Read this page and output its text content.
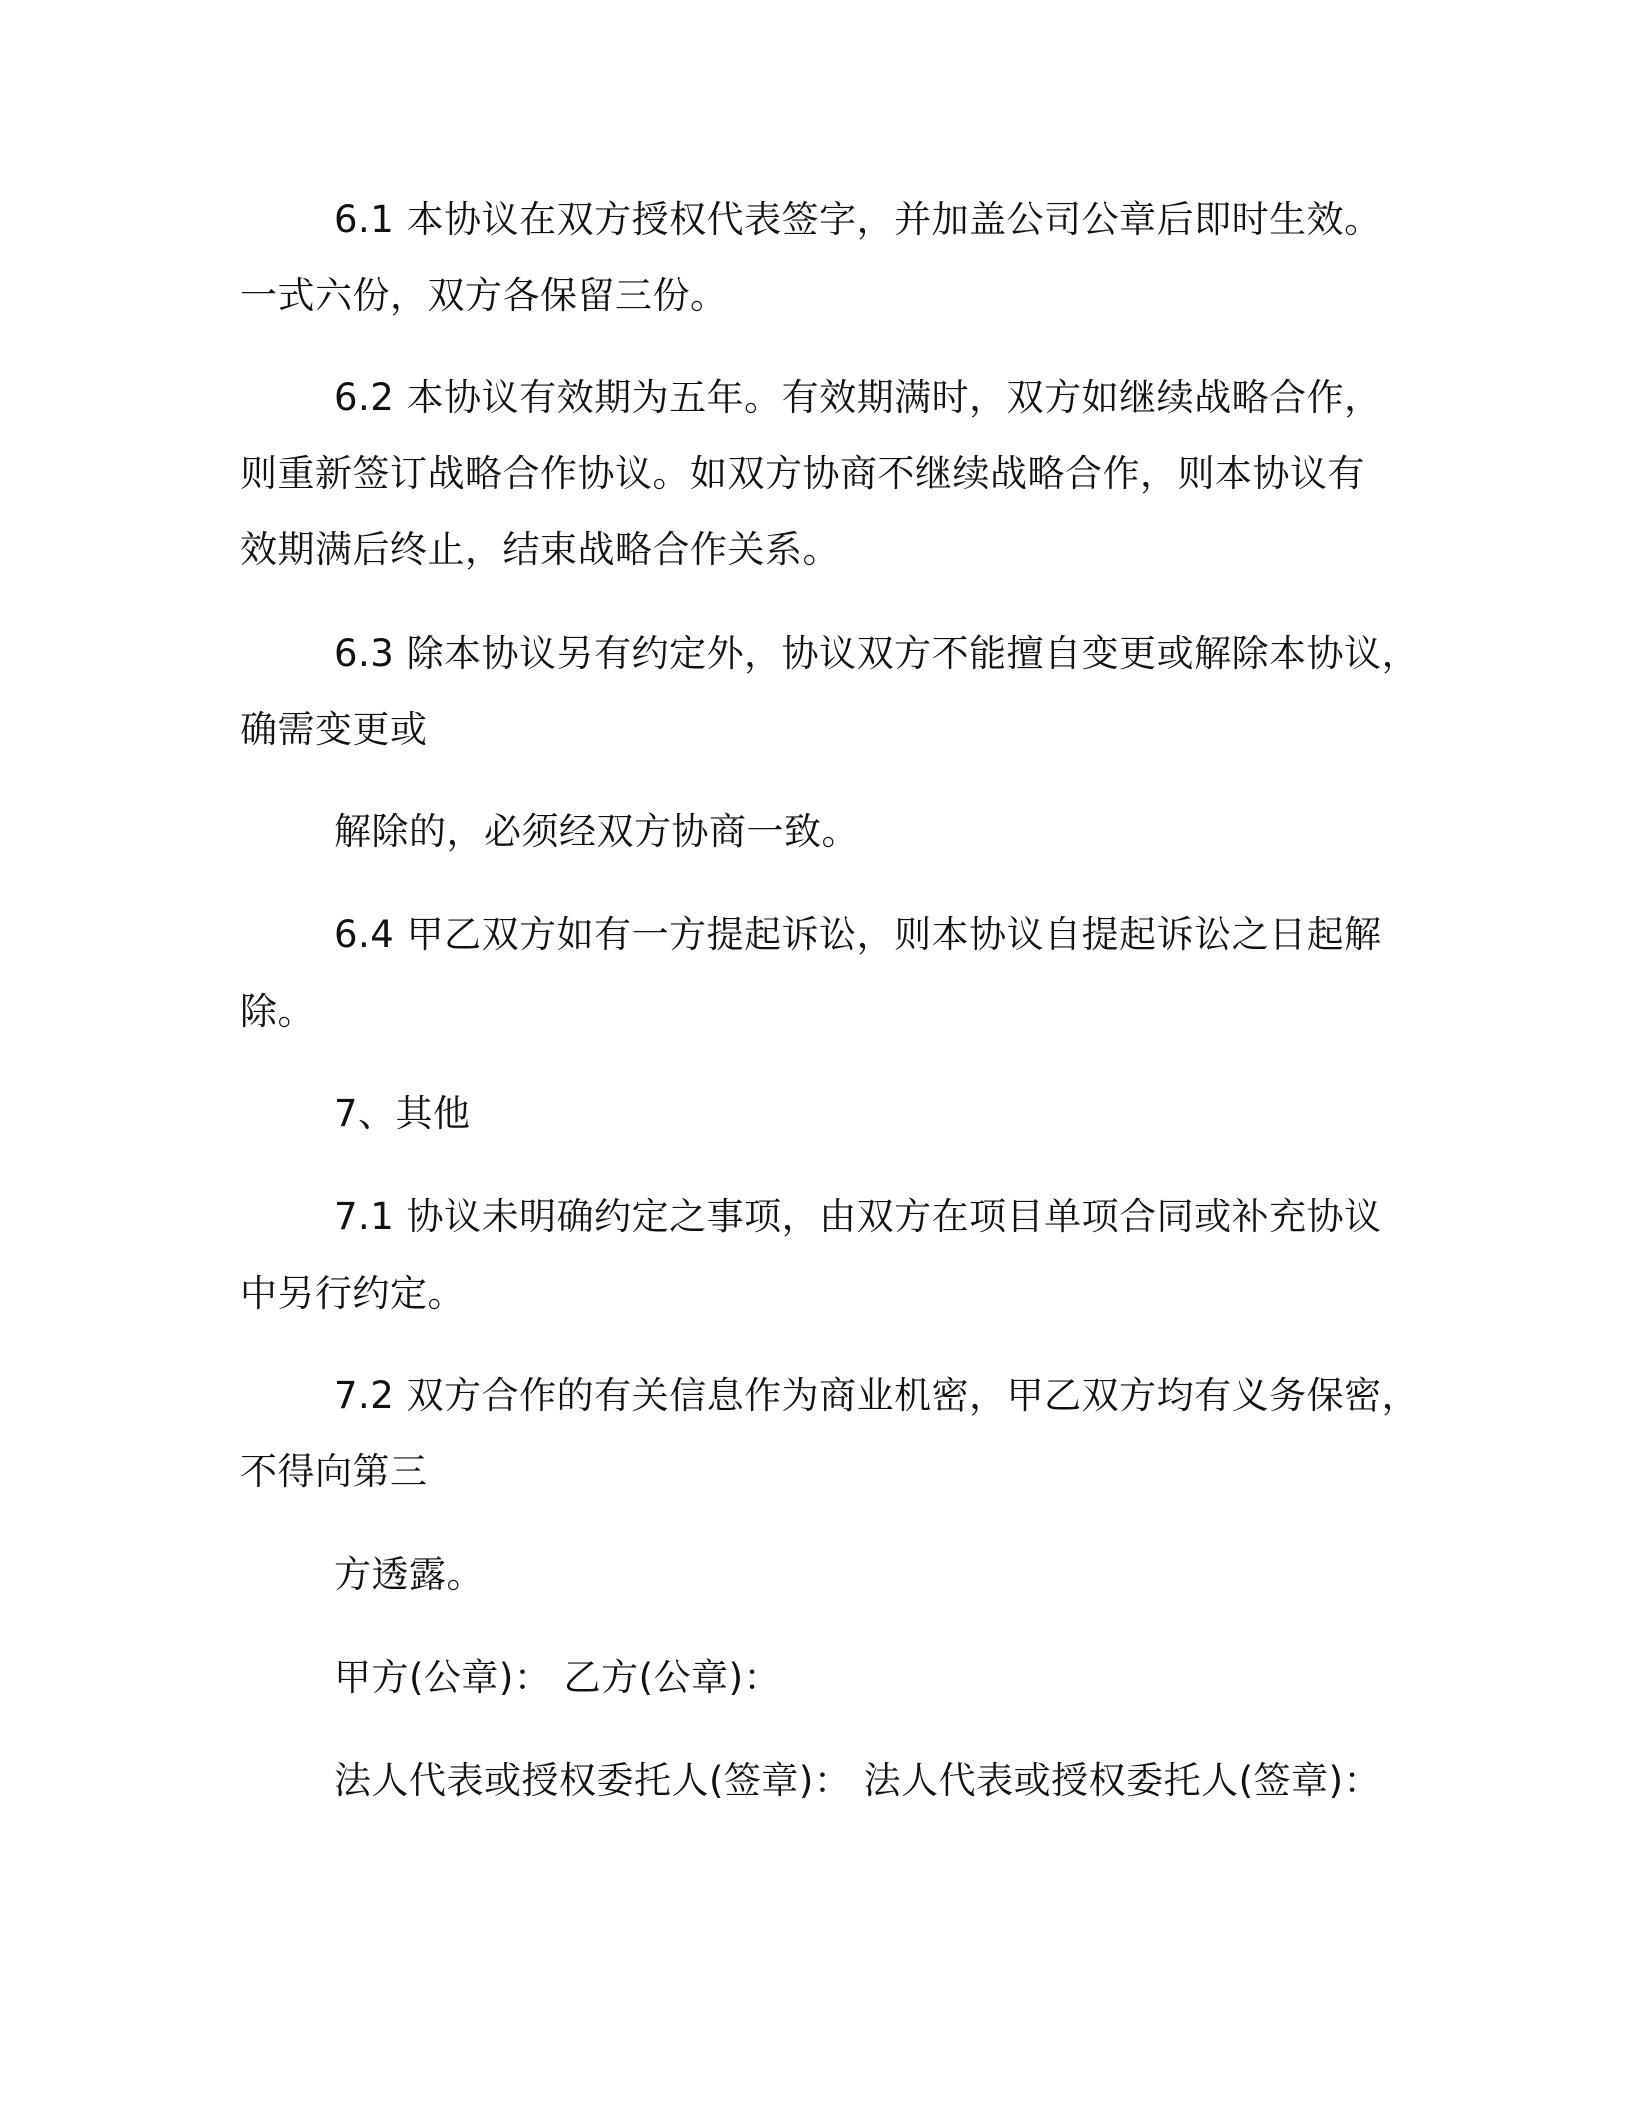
6.1 本协议在双方授权代表签字，并加盖公司公章后即时生效。
一式六份，双方各保留三份。
6.2 本协议有效期为五年。有效期满时，双方如继续战略合作，
则重新签订战略合作协议。如双方协商不继续战略合作，则本协议有
效期满后终止，结束战略合作关系。
6.3 除本协议另有约定外，协议双方不能擅自变更或解除本协议，
确需变更或
解除的，必须经双方协商一致。
6.4 甲乙双方如有一方提起诉讼，则本协议自提起诉讼之日起解
除。
7、其他
7.1 协议未明确约定之事项，由双方在项目单项合同或补充协议
中另行约定。
7.2 双方合作的有关信息作为商业机密，甲乙双方均有义务保密，
不得向第三
方透露。
甲方(公章)： 乙方(公章)：
法人代表或授权委托人(签章)： 法人代表或授权委托人(签章)：
